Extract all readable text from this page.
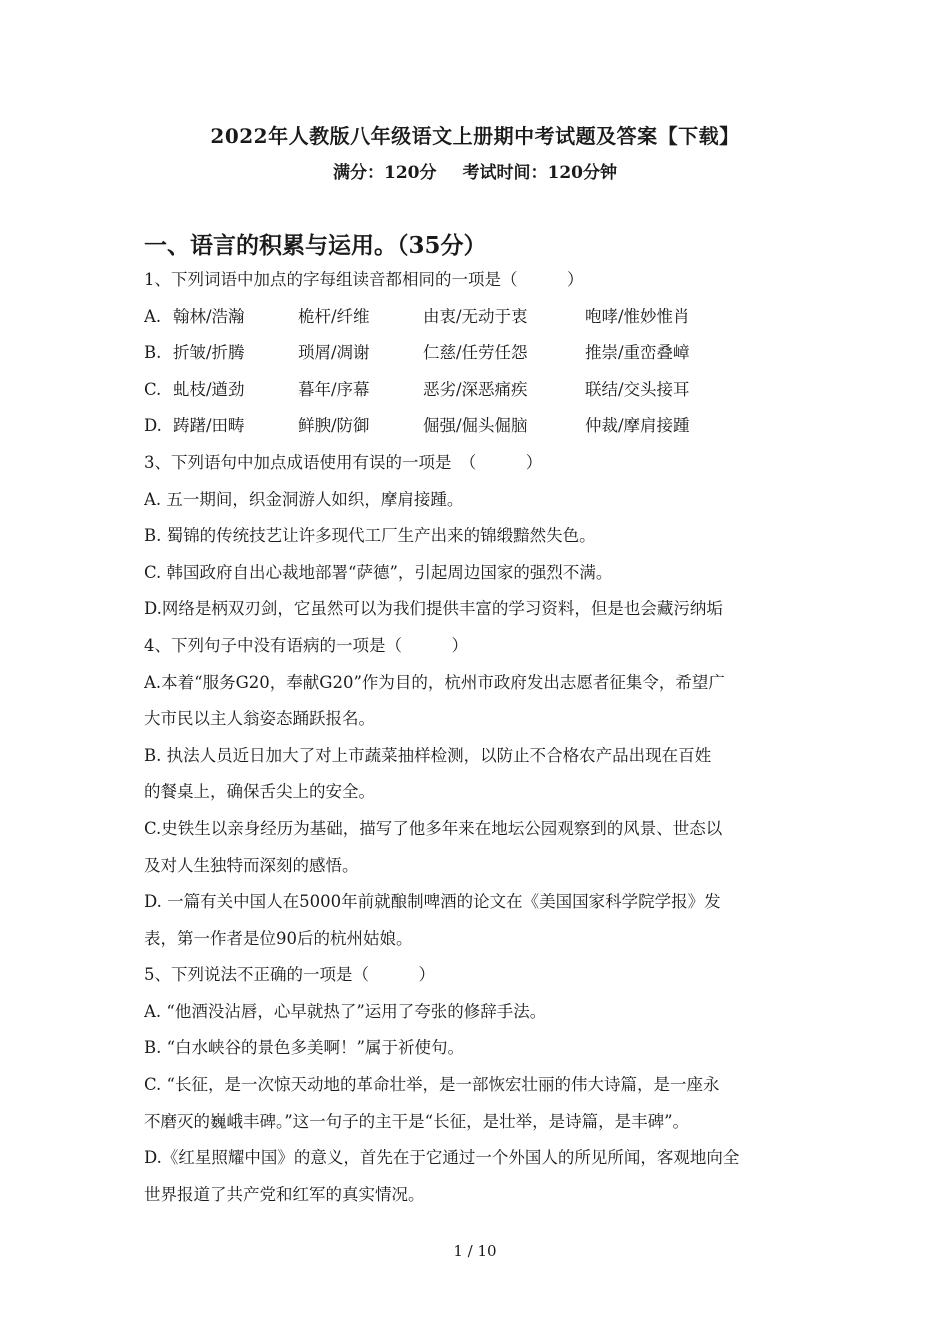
2022年人教版八年级语文上册期中考试题及答案【下载】
满分：120分 考试时间：120分钟
一、语言的积累与运用。（35分）
1、下列词语中加点的字每组读音都相同的一项是（　　　）
A. 翰林/浩瀚	桅杆/纤维	由衷/无动于衷	咆哮/惟妙惟肖
B. 折皱/折腾	琐屑/凋谢	仁慈/任劳任怨	推崇/重峦叠嶂
C. 虬枝/遒劲	暮年/序幕	恶劣/深恶痛疾	联结/交头接耳
D. 踌躇/田畴	鲜腴/防御	倔强/倔头倔脑	仲裁/摩肩接踵
3、下列语句中加点成语使用有误的一项是　（　　　）
A. 五一期间，织金洞游人如织，摩肩接踵。
B. 蜀锦的传统技艺让许多现代工厂生产出来的锦缎黯然失色。
C. 韩国政府自出心裁地部署“萨德”，引起周边国家的强烈不满。
D.网络是柄双刃剑，它虽然可以为我们提供丰富的学习资料，但是也会藏污纳垢
4、下列句子中没有语病的一项是（　　　）
A.本着“服务G20，奉献G20”作为目的，杭州市政府发出志愿者征集令，希望广
大市民以主人翁姿态踊跃报名。
B. 执法人员近日加大了对上市蔬菜抽样检测，以防止不合格农产品出现在百姓
的餐桌上，确保舌尖上的安全。
C.史铁生以亲身经历为基础，描写了他多年来在地坛公园观察到的风景、世态以
及对人生独特而深刻的感悟。
D. 一篇有关中国人在5000年前就酿制啤酒的论文在《美国国家科学院学报》发
表，第一作者是位90后的杭州姑娘。
5、下列说法不正确的一项是（　　　）
A. “他酒没沾唇，心早就热了”运用了夸张的修辞手法。
B. “白水峡谷的景色多美啊！”属于祈使句。
C. “长征，是一次惊天动地的革命壮举，是一部恢宏壮丽的伟大诗篇，是一座永
不磨灭的巍峨丰碑。”这一句子的主干是“长征，是壮举，是诗篇，是丰碑”。
D.《红星照耀中国》的意义，首先在于它通过一个外国人的所见所闻，客观地向全
世界报道了共产党和红军的真实情况。
1 / 10
